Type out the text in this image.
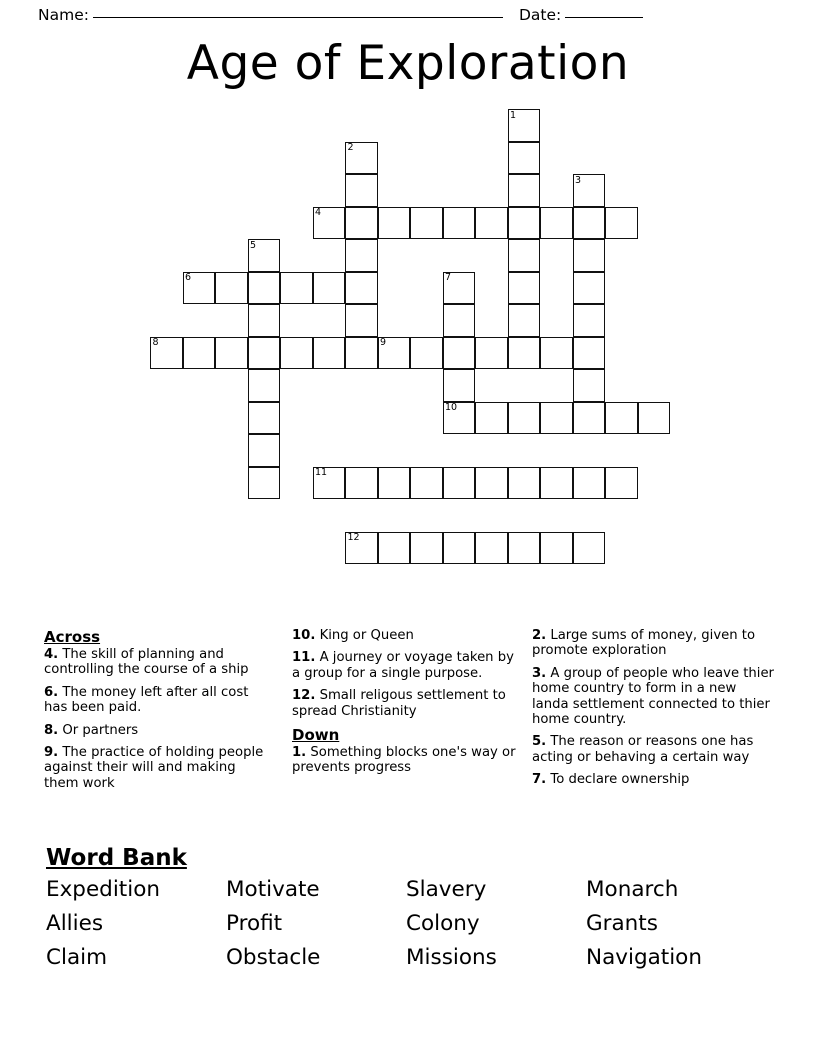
Name:	Date:
Age of Exploration
1
2
3
4
5
6	7
8	9
10
11
12
Across
4. The skill of planning and controlling the course of a ship
6. The money left after all cost has been paid.
8. Or partners
9. The practice of holding people against their will and making them work
10. King or Queen
11. A journey or voyage taken by a group for a single purpose.
12. Small religous settlement to spread Christianity
Down
1. Something blocks one's way or prevents progress
2. Large sums of money, given to promote exploration
3. A group of people who leave thier home country to form in a new landa settlement connected to thier home country.
5. The reason or reasons one has acting or behaving a certain way
7. To declare ownership
Word Bank
Expedition	Motivate	Slavery	Monarch
Allies	Profit	Colony	Grants
Claim	Obstacle	Missions	Navigation
